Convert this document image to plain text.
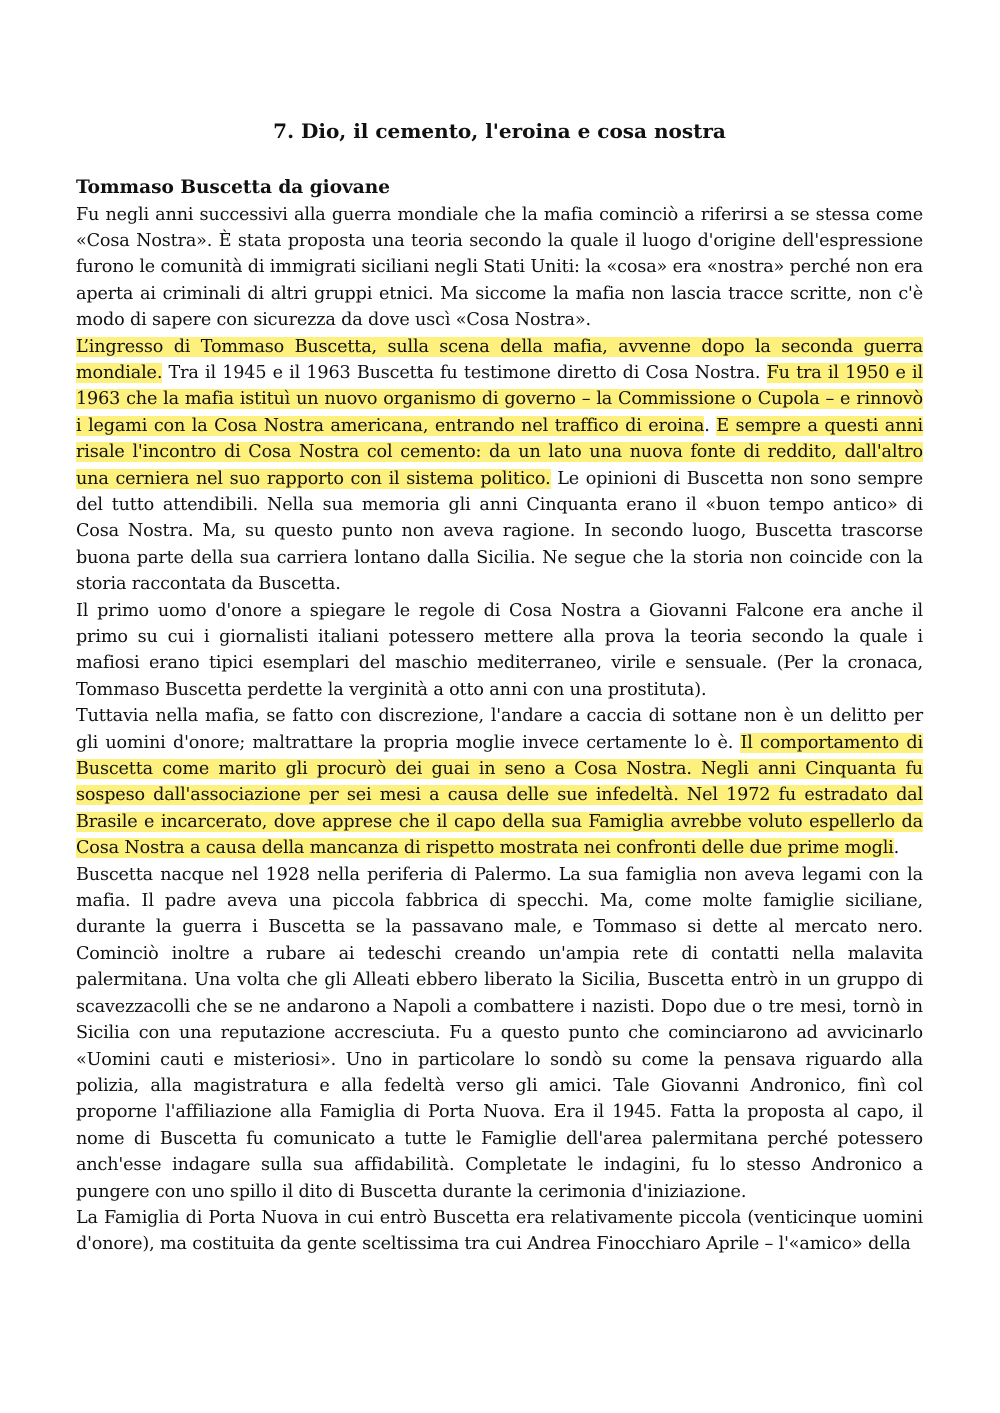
7. Dio, il cemento, l'eroina e cosa nostra
Tommaso Buscetta da giovane

Fu negli anni successivi alla guerra mondiale che la mafia cominciò a riferirsi a se stessa come «Cosa Nostra». È stata proposta una teoria secondo la quale il luogo d'origine dell'espressione furono le comunità di immigrati siciliani negli Stati Uniti: la «cosa» era «nostra» perché non era aperta ai criminali di altri gruppi etnici. Ma siccome la mafia non lascia tracce scritte, non c'è modo di sapere con sicurezza da dove uscì «Cosa Nostra».

L’ingresso di Tommaso Buscetta, sulla scena della mafia, avvenne dopo la seconda guerra mondiale. Tra il 1945 e il 1963 Buscetta fu testimone diretto di Cosa Nostra. Fu tra il 1950 e il 1963 che la mafia istituì un nuovo organismo di governo – la Commissione o Cupola – e rinnovò i legami con la Cosa Nostra americana, entrando nel traffico di eroina. E sempre a questi anni risale l'incontro di Cosa Nostra col cemento: da un lato una nuova fonte di reddito, dall'altro una cerniera nel suo rapporto con il sistema politico. Le opinioni di Buscetta non sono sempre del tutto attendibili. Nella sua memoria gli anni Cinquanta erano il «buon tempo antico» di Cosa Nostra. Ma, su questo punto non aveva ragione. In secondo luogo, Buscetta trascorse buona parte della sua carriera lontano dalla Sicilia. Ne segue che la storia non coincide con la storia raccontata da Buscetta.

Il primo uomo d'onore a spiegare le regole di Cosa Nostra a Giovanni Falcone era anche il primo su cui i giornalisti italiani potessero mettere alla prova la teoria secondo la quale i mafiosi erano tipici esemplari del maschio mediterraneo, virile e sensuale. (Per la cronaca, Tommaso Buscetta perdette la verginità a otto anni con una prostituta).

Tuttavia nella mafia, se fatto con discrezione, l'andare a caccia di sottane non è un delitto per gli uomini d'onore; maltrattare la propria moglie invece certamente lo è. Il comportamento di Buscetta come marito gli procurò dei guai in seno a Cosa Nostra. Negli anni Cinquanta fu sospeso dall'associazione per sei mesi a causa delle sue infedeltà. Nel 1972 fu estradato dal Brasile e incarcerato, dove apprese che il capo della sua Famiglia avrebbe voluto espellerlo da Cosa Nostra a causa della mancanza di rispetto mostrata nei confronti delle due prime mogli.

Buscetta nacque nel 1928 nella periferia di Palermo. La sua famiglia non aveva legami con la mafia. Il padre aveva una piccola fabbrica di specchi. Ma, come molte famiglie siciliane, durante la guerra i Buscetta se la passavano male, e Tommaso si dette al mercato nero. Cominciò inoltre a rubare ai tedeschi creando un'ampia rete di contatti nella malavita palermitana. Una volta che gli Alleati ebbero liberato la Sicilia, Buscetta entrò in un gruppo di scavezzacolli che se ne andarono a Napoli a combattere i nazisti. Dopo due o tre mesi, tornò in Sicilia con una reputazione accresciuta. Fu a questo punto che cominciarono ad avvicinarlo «Uomini cauti e misteriosi». Uno in particolare lo sondò su come la pensava riguardo alla polizia, alla magistratura e alla fedeltà verso gli amici. Tale Giovanni Andronico, finì col proporne l'affiliazione alla Famiglia di Porta Nuova. Era il 1945. Fatta la proposta al capo, il nome di Buscetta fu comunicato a tutte le Famiglie dell'area palermitana perché potessero anch'esse indagare sulla sua affidabilità. Completate le indagini, fu lo stesso Andronico a pungere con uno spillo il dito di Buscetta durante la cerimonia d'iniziazione.

La Famiglia di Porta Nuova in cui entrò Buscetta era relativamente piccola (venticinque uomini d'onore), ma costituita da gente sceltissima tra cui Andrea Finocchiaro Aprile – l'«amico» della
